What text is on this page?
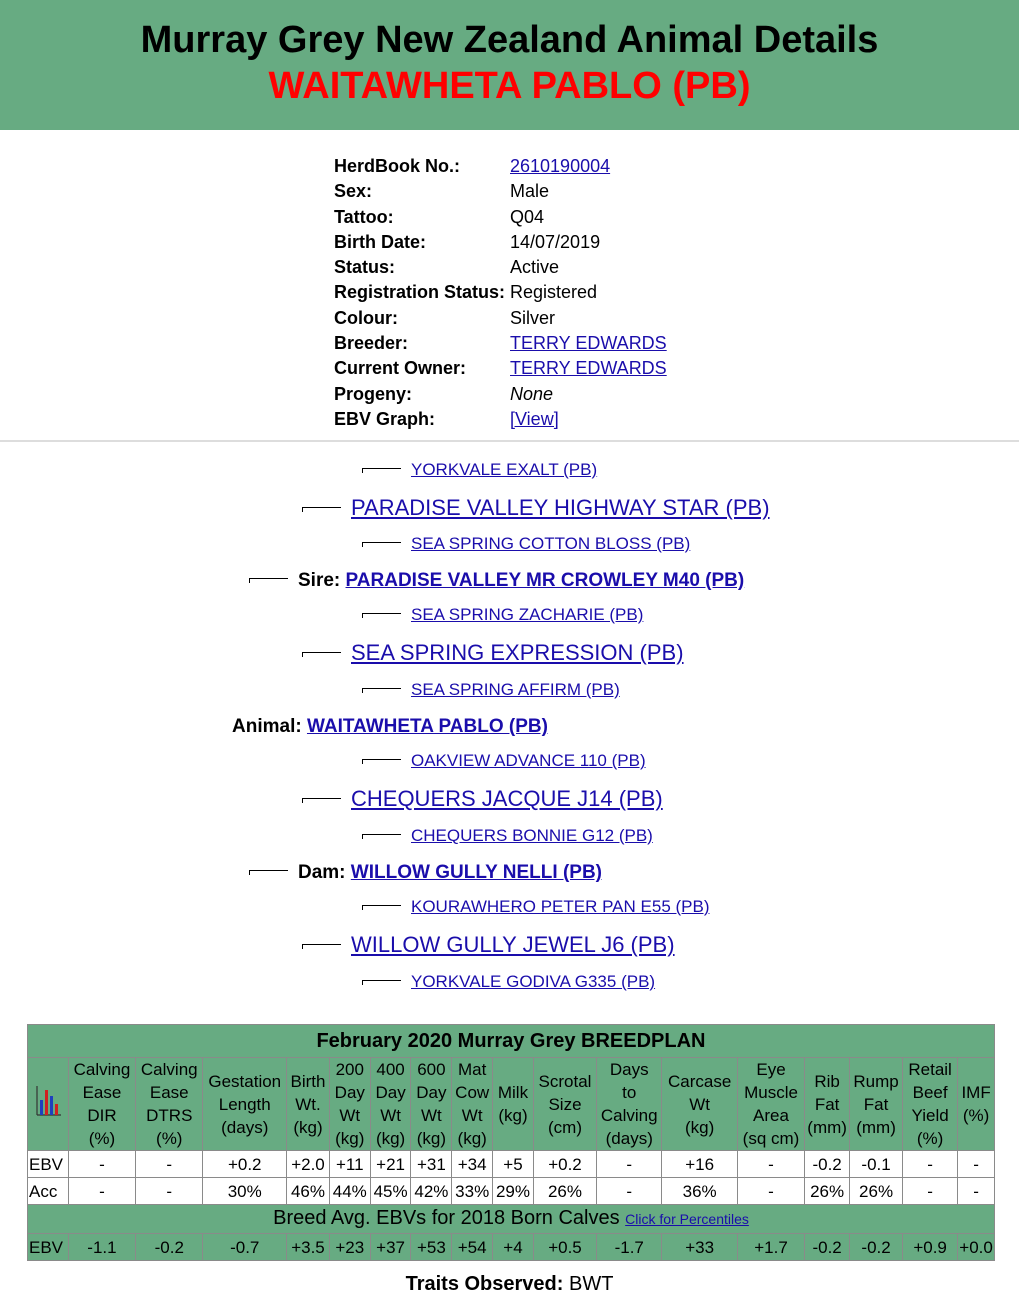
Murray Grey New Zealand Animal Details
WAITAWHETA PABLO (PB)
HerdBook No.:	2610190004
Sex:	Male
Tattoo:	Q04
Birth Date:	14/07/2019
Status:	Active
Registration Status:	Registered
Colour:	Silver
Breeder:	TERRY EDWARDS
Current Owner:	TERRY EDWARDS
Progeny:	None
EBV Graph:	[View]
YORKVALE EXALT (PB)
PARADISE VALLEY HIGHWAY STAR (PB)
SEA SPRING COTTON BLOSS (PB)
Sire: PARADISE VALLEY MR CROWLEY M40 (PB)
SEA SPRING ZACHARIE (PB)
SEA SPRING EXPRESSION (PB)
SEA SPRING AFFIRM (PB)
Animal: WAITAWHETA PABLO (PB)
OAKVIEW ADVANCE 110 (PB)
CHEQUERS JACQUE J14 (PB)
CHEQUERS BONNIE G12 (PB)
Dam: WILLOW GULLY NELLI (PB)
KOURAWHERO PETER PAN E55 (PB)
WILLOW GULLY JEWEL J6 (PB)
YORKVALE GODIVA G335 (PB)
February 2020 Murray Grey BREEDPLAN																	
	Calving
Ease
DIR
(%)	Calving
Ease
DTRS
(%)	Gestation
Length
(days)	Birth
Wt.
(kg)	200
Day
Wt
(kg)	400
Day
Wt
(kg)	600
Day
Wt
(kg)	Mat
Cow
Wt
(kg)	Milk
(kg)	Scrotal
Size
(cm)	Days
to
Calving
(days)	Carcase
Wt
(kg)	Eye
Muscle
Area
(sq cm)	Rib
Fat
(mm)	Rump
Fat
(mm)	Retail
Beef
Yield
(%)	IMF
(%)
EBV	-	-	+0.2	+2.0	+11	+21	+31	+34	+5	+0.2	-	+16	-	-0.2	-0.1	-	-
Acc	-	-	30%	46%	44%	45%	42%	33%	29%	26%	-	36%	-	26%	26%	-	-
Breed Avg. EBVs for 2018 Born Calves Click for Percentiles																	
EBV	-1.1	-0.2	-0.7	+3.5	+23	+37	+53	+54	+4	+0.5	-1.7	+33	+1.7	-0.2	-0.2	+0.9	+0.0
Traits Observed: BWT
